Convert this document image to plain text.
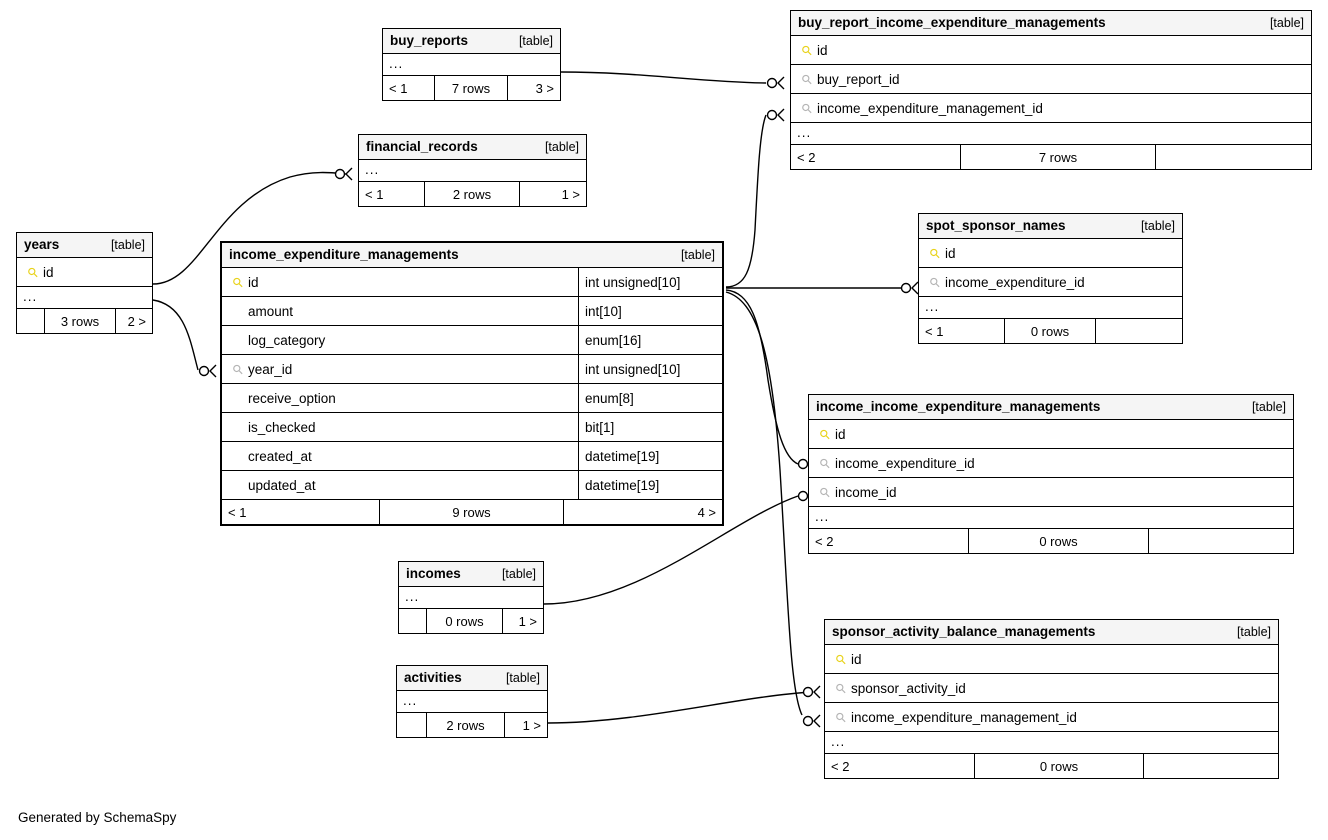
buy_reports	[table]
...
< 1	7 rows	3 >
buy_report_income_expenditure_managements	[table]
⚲ id
⚲ buy_report_id
⚲ income_expenditure_management_id
...
< 2	7 rows
financial_records	[table]
...
< 1	2 rows	1 >
years	[table]
⚲ id
...
3 rows	2 >
income_expenditure_managements	[table]
⚲ id	int unsigned[10]
amount	int[10]
log_category	enum[16]
⚲ year_id	int unsigned[10]
receive_option	enum[8]
is_checked	bit[1]
created_at	datetime[19]
updated_at	datetime[19]
< 1	9 rows	4 >
spot_sponsor_names	[table]
⚲ id
⚲ income_expenditure_id
...
< 1	0 rows
income_income_expenditure_managements	[table]
⚲ id
⚲ income_expenditure_id
⚲ income_id
...
< 2	0 rows
incomes	[table]
...
0 rows	1 >
activities	[table]
...
2 rows	1 >
sponsor_activity_balance_managements	[table]
⚲ id
⚲ sponsor_activity_id
⚲ income_expenditure_management_id
...
< 2	0 rows
Generated by SchemaSpy
